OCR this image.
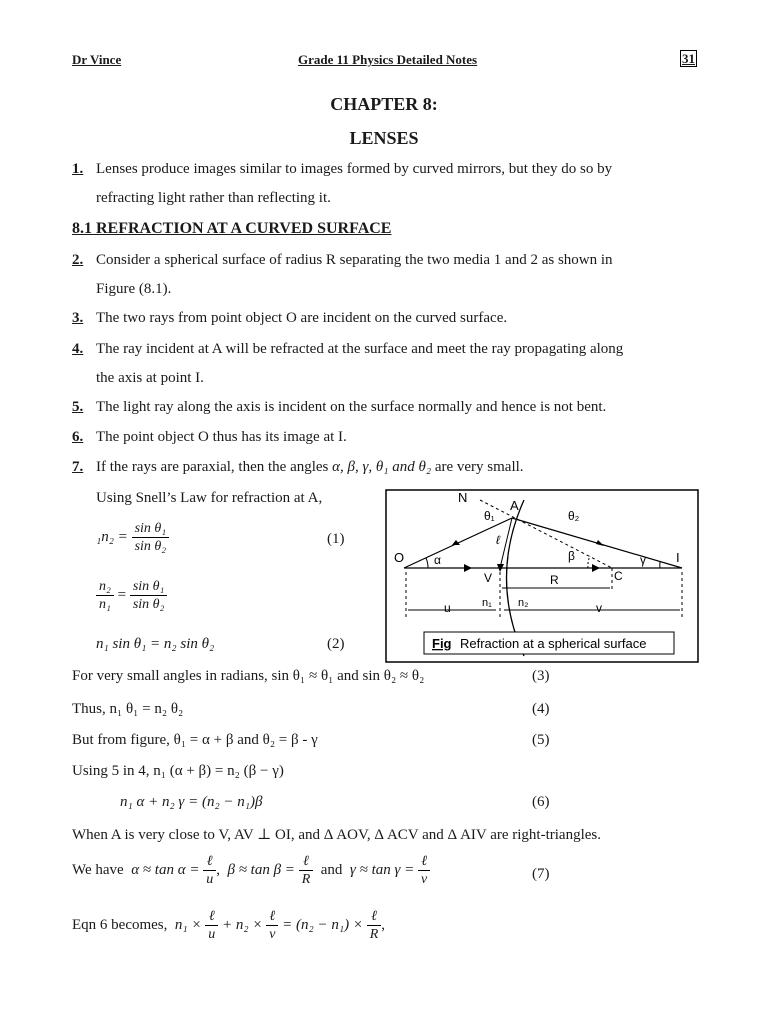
Dr Vince	Grade 11 Physics Detailed Notes	31
CHAPTER 8:
LENSES
1. Lenses produce images similar to images formed by curved mirrors, but they do so by
refracting light rather than reflecting it.
8.1 REFRACTION AT A CURVED SURFACE
2. Consider a spherical surface of radius R separating the two media 1 and 2 as shown in
Figure (8.1).
3. The two rays from point object O are incident on the curved surface.
4. The ray incident at A will be refracted at the surface and meet the ray propagating along
the axis at point I.
5. The light ray along the axis is incident on the surface normally and hence is not bent.
6. The point object O thus has its image at I.
7. If the rays are paraxial, then the angles α, β, γ, θ₁ and θ₂ are very small.
Using Snell’s Law for refraction at A,
$_1n_2 = \frac{\text{sin θ₁}}{\text{sin θ₂}}$	(1)
$\frac{\text{n₂}}{\text{n₁}} = \frac{\text{sin θ₁}}{\text{sin θ₂}}$
n₁ sin θ₁ = n₂ sin θ₂	(2)
N
A
θ₁	θ₂
ℓ
α	β	γ
O	I
V	C
R
n₁ n₂
u	v
Fig Refraction at a spherical surface
For very small angles in radians, sin θ₁ ≈ θ₁ and sin θ₂ ≈ θ₂	(3)
Thus, n₁ θ₁ = n₂ θ₂	(4)
But from figure, θ₁ = α + β and θ₂ = β - γ	(5)
Using 5 in 4, n₁ (α + β) = n₂ (β − γ)
n₁ α + n₂ γ = (n₂ − n₁)β	(6)
When A is very close to V, AV ⊥ OI, and Δ AOV, Δ ACV and Δ AIV are right-triangles.
We have $\alpha \approx \tan \alpha = \frac{\text{ℓ}}{u}$ ,  $\beta \approx \tan \beta = \frac{\text{ℓ}}{R}$ and $\gamma \approx \tan \gamma = \frac{\text{ℓ}}{v}$	(7)
Eqn 6 becomes, $n_1 \times \frac{\text{ℓ}}{u} + n_2 \times \frac{\text{ℓ}}{v} = (n_2 - n_1) \times \frac{\text{ℓ}}{R}$ ,
